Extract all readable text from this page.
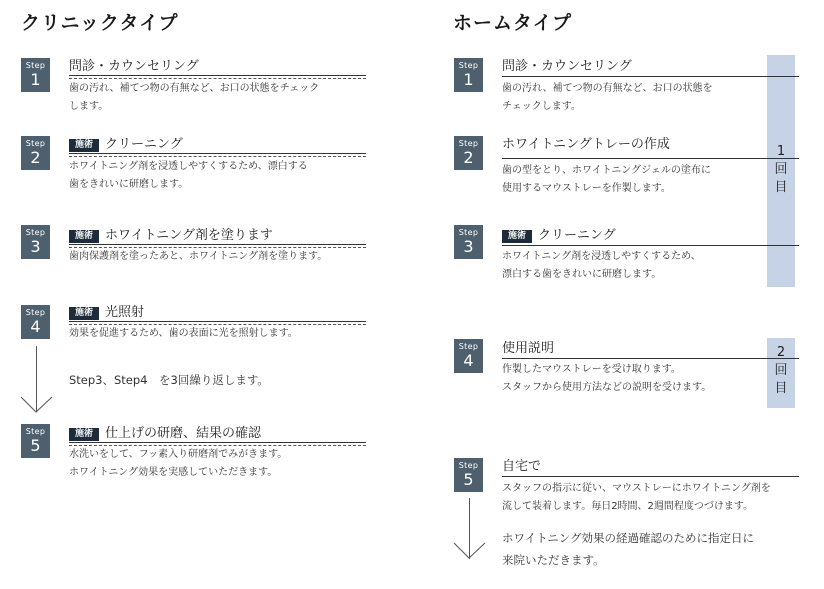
クリニックタイプ
Step
1
問診・カウンセリング
歯の汚れ、補てつ物の有無など、お口の状態をチェック
します。
Step
2
施術 クリーニング
ホワイトニング剤を浸透しやすくするため、漂白する
歯をきれいに研磨します。
Step
3
施術 ホワイトニング剤を塗ります
歯肉保護剤を塗ったあと、ホワイトニング剤を塗ります。
Step
4
施術 光照射
効果を促進するため、歯の表面に光を照射します。
Step3、Step4　を3回繰り返します。
Step
5
施術 仕上げの研磨、結果の確認
水洗いをして、フッ素入り研磨剤でみがきます。
ホワイトニング効果を実感していただきます。
ホームタイプ
1
回
目
2
回
目
Step
1
問診・カウンセリング
歯の汚れ、補てつ物の有無など、お口の状態を
チェックします。
Step
2
ホワイトニングトレーの作成
歯の型をとり、ホワイトニングジェルの塗布に
使用するマウストレーを作製します。
Step
3
施術 クリーニング
ホワイトニング剤を浸透しやすくするため、
漂白する歯をきれいに研磨します。
Step
4
使用説明
作製したマウストレーを受け取ります。
スタッフから使用方法などの説明を受けます。
Step
5
自宅で
スタッフの指示に従い、マウストレーにホワイトニング剤を
流して装着します。毎日2時間、2週間程度つづけます。
ホワイトニング効果の経過確認のために指定日に
来院いただきます。
